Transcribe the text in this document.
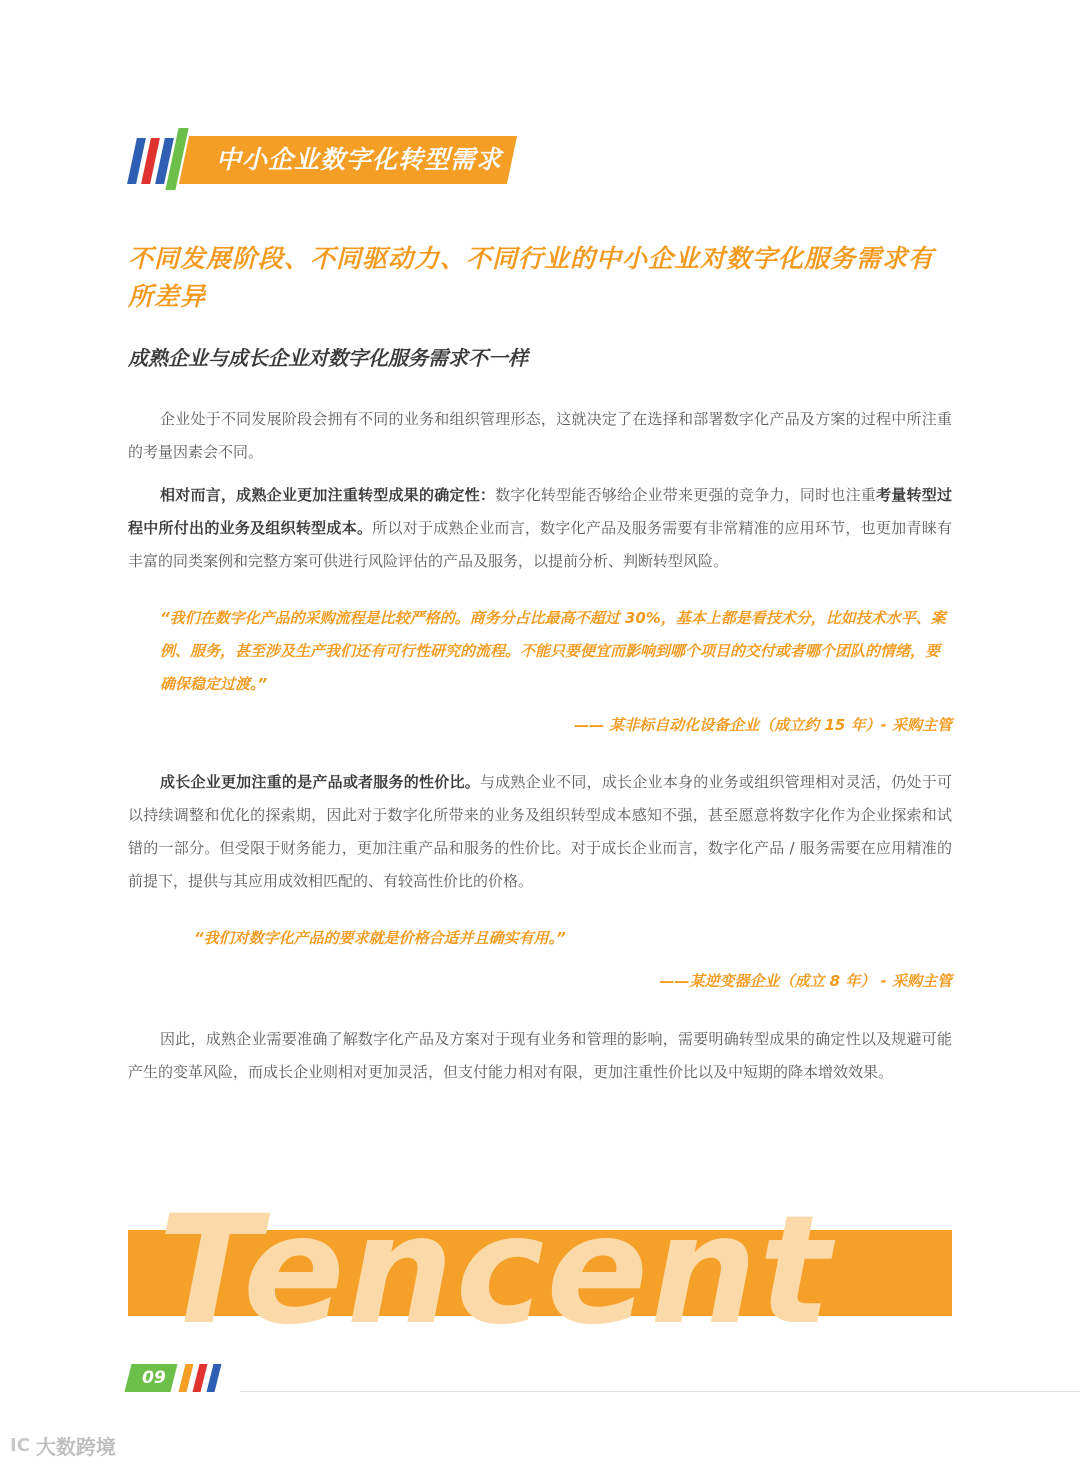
中小企业数字化转型需求
不同发展阶段、不同驱动力、不同行业的中小企业对数字化服务需求有所差异
成熟企业与成长企业对数字化服务需求不一样

企业处于不同发展阶段会拥有不同的业务和组织管理形态，这就决定了在选择和部署数字化产品及方案的过程中所注重的考量因素会不同。

相对而言，成熟企业更加注重转型成果的确定性：数字化转型能否够给企业带来更强的竞争力，同时也注重考量转型过程中所付出的业务及组织转型成本。所以对于成熟企业而言，数字化产品及服务需要有非常精准的应用环节，也更加青睐有丰富的同类案例和完整方案可供进行风险评估的产品及服务，以提前分析、判断转型风险。

“我们在数字化产品的采购流程是比较严格的。商务分占比最高不超过 30%，基本上都是看技术分，比如技术水平、案例、服务，甚至涉及生产我们还有可行性研究的流程。不能只要便宜而影响到哪个项目的交付或者哪个团队的情绪，要确保稳定过渡。”

—— 某非标自动化设备企业（成立约 15 年）- 采购主管

成长企业更加注重的是产品或者服务的性价比。与成熟企业不同，成长企业本身的业务或组织管理相对灵活，仍处于可以持续调整和优化的探索期，因此对于数字化所带来的业务及组织转型成本感知不强，甚至愿意将数字化作为企业探索和试错的一部分。但受限于财务能力，更加注重产品和服务的性价比。对于成长企业而言，数字化产品 / 服务需要在应用精准的前提下，提供与其应用成效相匹配的、有较高性价比的价格。

“我们对数字化产品的要求就是价格合适并且确实有用。”

——某逆变器企业（成立 8 年） - 采购主管

因此，成熟企业需要准确了解数字化产品及方案对于现有业务和管理的影响，需要明确转型成果的确定性以及规避可能产生的变革风险，而成长企业则相对更加灵活，但支付能力相对有限，更加注重性价比以及中短期的降本增效效果。

Tencent
09
IC 大数跨境
